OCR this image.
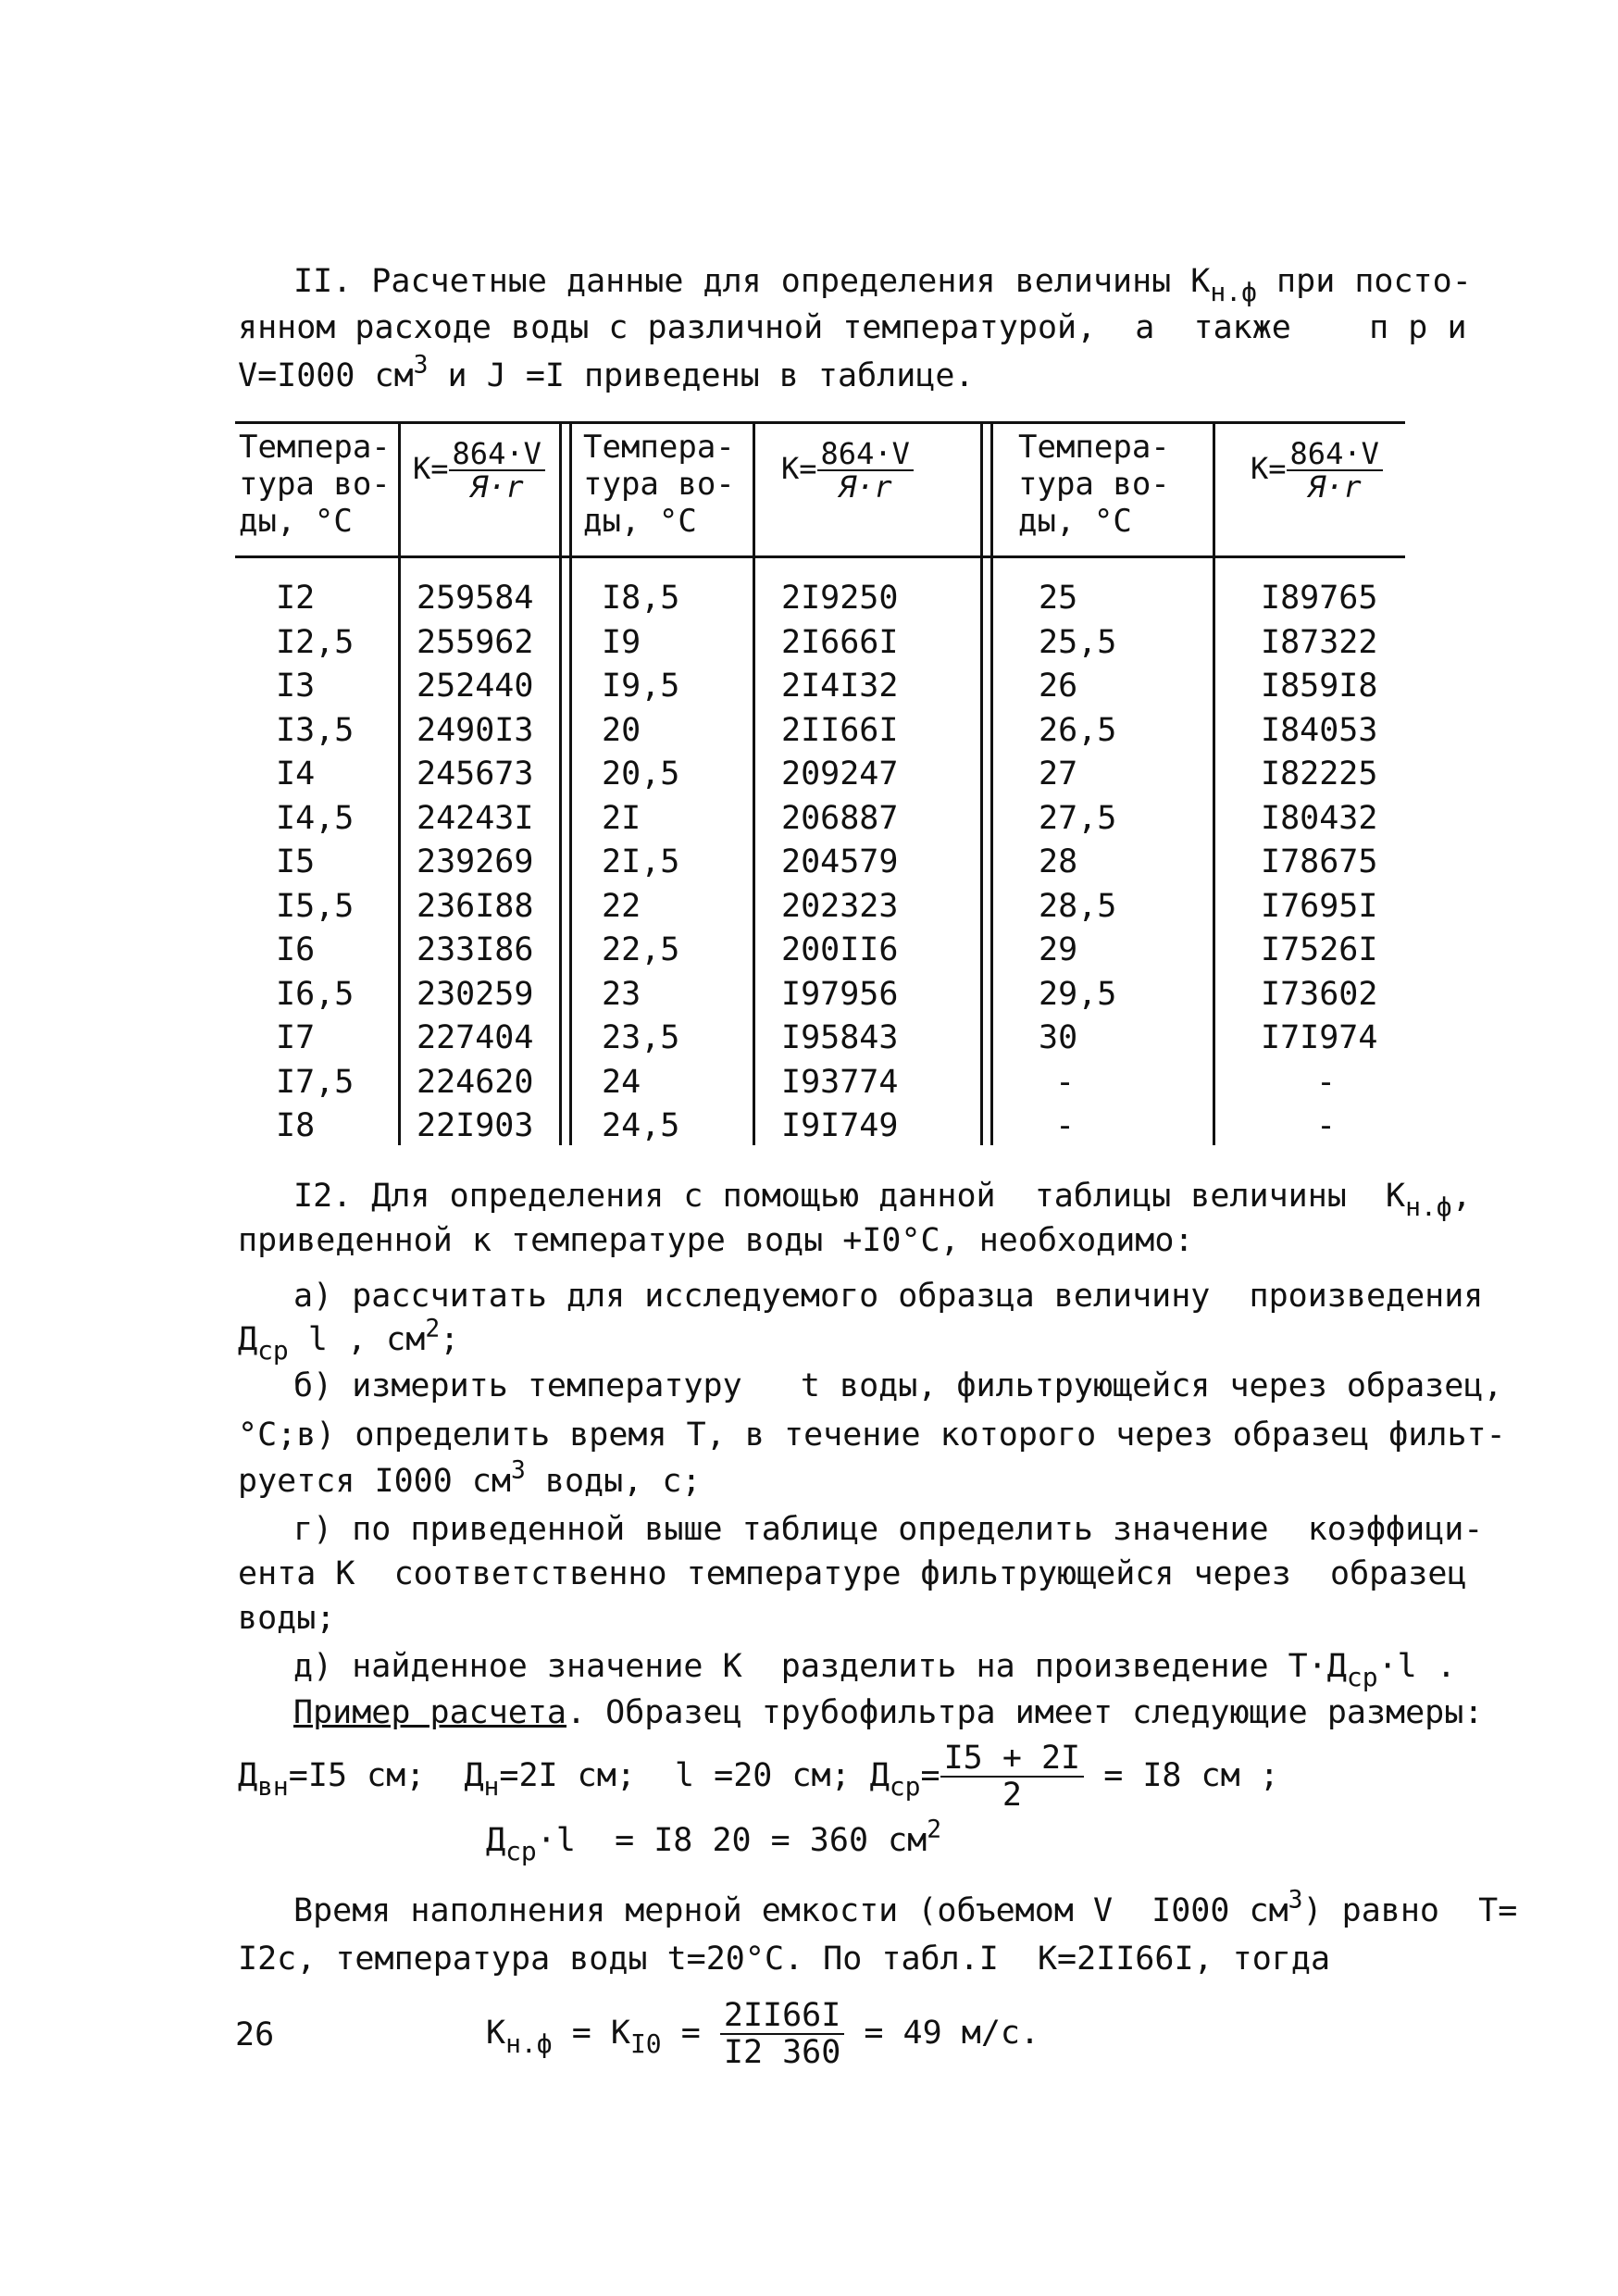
II. Расчетные данные для определения величины $К_{н.ф}$ при посто-
янном расходе воды с различной температурой,  а  также    п р и
V=I000 $см^3$ и J =I приведены в таблице.
Темпера-
тура во-
ды, °С
К= 864·V
Я·r
Темпера-
тура во-
ды, °С
К= 864·V
Я·r
Темпера-
тура во-
ды, °С
К= 864·V
Я·r
I2
I2,5
I3
I3,5
I4
I4,5
I5
I5,5
I6
I6,5
I7
I7,5
I8
259584
255962
252440
2490I3
245673
24243I
239269
236I88
233I86
230259
227404
224620
22I903
I8,5
I9
I9,5
20
20,5
2I
2I,5
22
22,5
23
23,5
24
24,5
2I9250
2I666I
2I4I32
2II66I
209247
206887
204579
202323
200II6
I97956
I95843
I93774
I9I749
25
25,5
26
26,5
27
27,5
28
28,5
29
29,5
30
-
-
I89765
I87322
I859I8
I84053
I82225
I80432
I78675
I7695I
I7526I
I73602
I7I974
-
-
I2. Для определения с помощью данной  таблицы величины  $К_{н.ф}$,
приведенной к температуре воды +I0°С, необходимо:
а) рассчитать для исследуемого образца величину  произведения
$Д_{ср}$ l , $см^2$;
б) измерить температуру   t воды, фильтрующейся через образец,
°С;в) определить время Т, в течение которого через образец фильт-
руется I000 $см^3$ воды, с;
г) по приведенной выше таблице определить значение  коэффици-
ента К  соответственно температуре фильтрующейся через  образец
воды;
д) найденное значение К  разделить на произведение $Т\cdot Д_{ср}\cdot l$ .
Пример расчета. Образец трубофильтра имеет следующие размеры:
$Д_{вн}=I5$ см;  $Д_н=2I$ см;  l =20 см; $Д_{ср}= \frac{I5 + 2I}{2} = I8$ см ;
$Д_{ср}\cdot l = I8$ 20 = 360 $см^2$
Время наполнения мерной емкости (объемом V  I000 $см^3$) равно  Т=
I2с, температура воды t=20°С. По табл.I  К=2II66I, тогда
$К_{н.ф} = К_{I0} = \frac{2II66I}{I2 360} = 49$ м/с.
26
